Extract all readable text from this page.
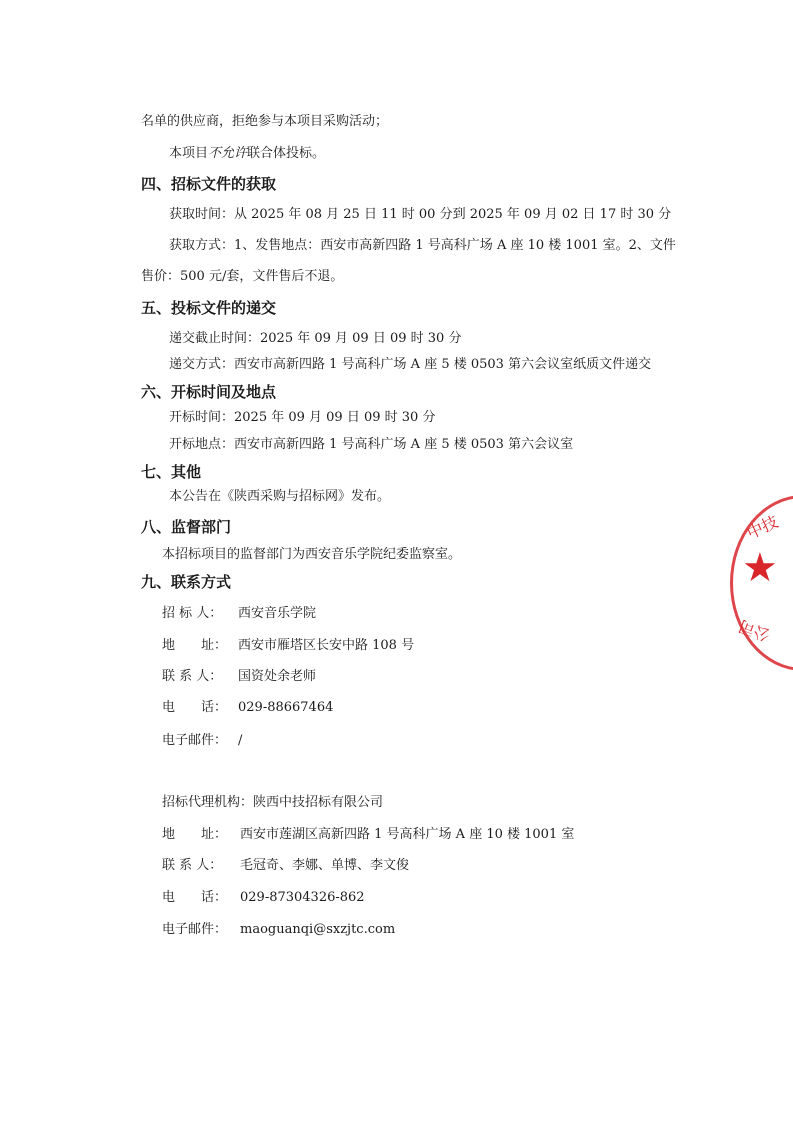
名单的供应商，拒绝参与本项目采购活动；
本项目不允许联合体投标。
四、招标文件的获取
获取时间：从 2025 年 08 月 25 日 11 时 00 分到 2025 年 09 月 02 日 17 时 30 分
获取方式：1、发售地点：西安市高新四路 1 号高科广场 A 座 10 楼 1001 室。2、文件
售价：500 元/套，文件售后不退。
五、投标文件的递交
递交截止时间：2025 年 09 月 09 日 09 时 30 分
递交方式：西安市高新四路 1 号高科广场 A 座 5 楼 0503 第六会议室纸质文件递交
六、开标时间及地点
开标时间：2025 年 09 月 09 日 09 时 30 分
开标地点：西安市高新四路 1 号高科广场 A 座 5 楼 0503 第六会议室
七、其他
本公告在《陕西采购与招标网》发布。
八、监督部门
本招标项目的监督部门为西安音乐学院纪委监察室。
九、联系方式
招 标 人： 西安音乐学院
地　　址： 西安市雁塔区长安中路 108 号
联 系 人： 国资处余老师
电　　话： 029-88667464
电子邮件： /
招标代理机构：陕西中技招标有限公司
地　　址： 西安市莲湖区高新四路 1 号高科广场 A 座 10 楼 1001 室
联 系 人： 毛冠奇、李娜、单博、李文俊
电　　话： 029-87304326-862
电子邮件： maoguanqi@sxzjtc.com
中技
★
公司
